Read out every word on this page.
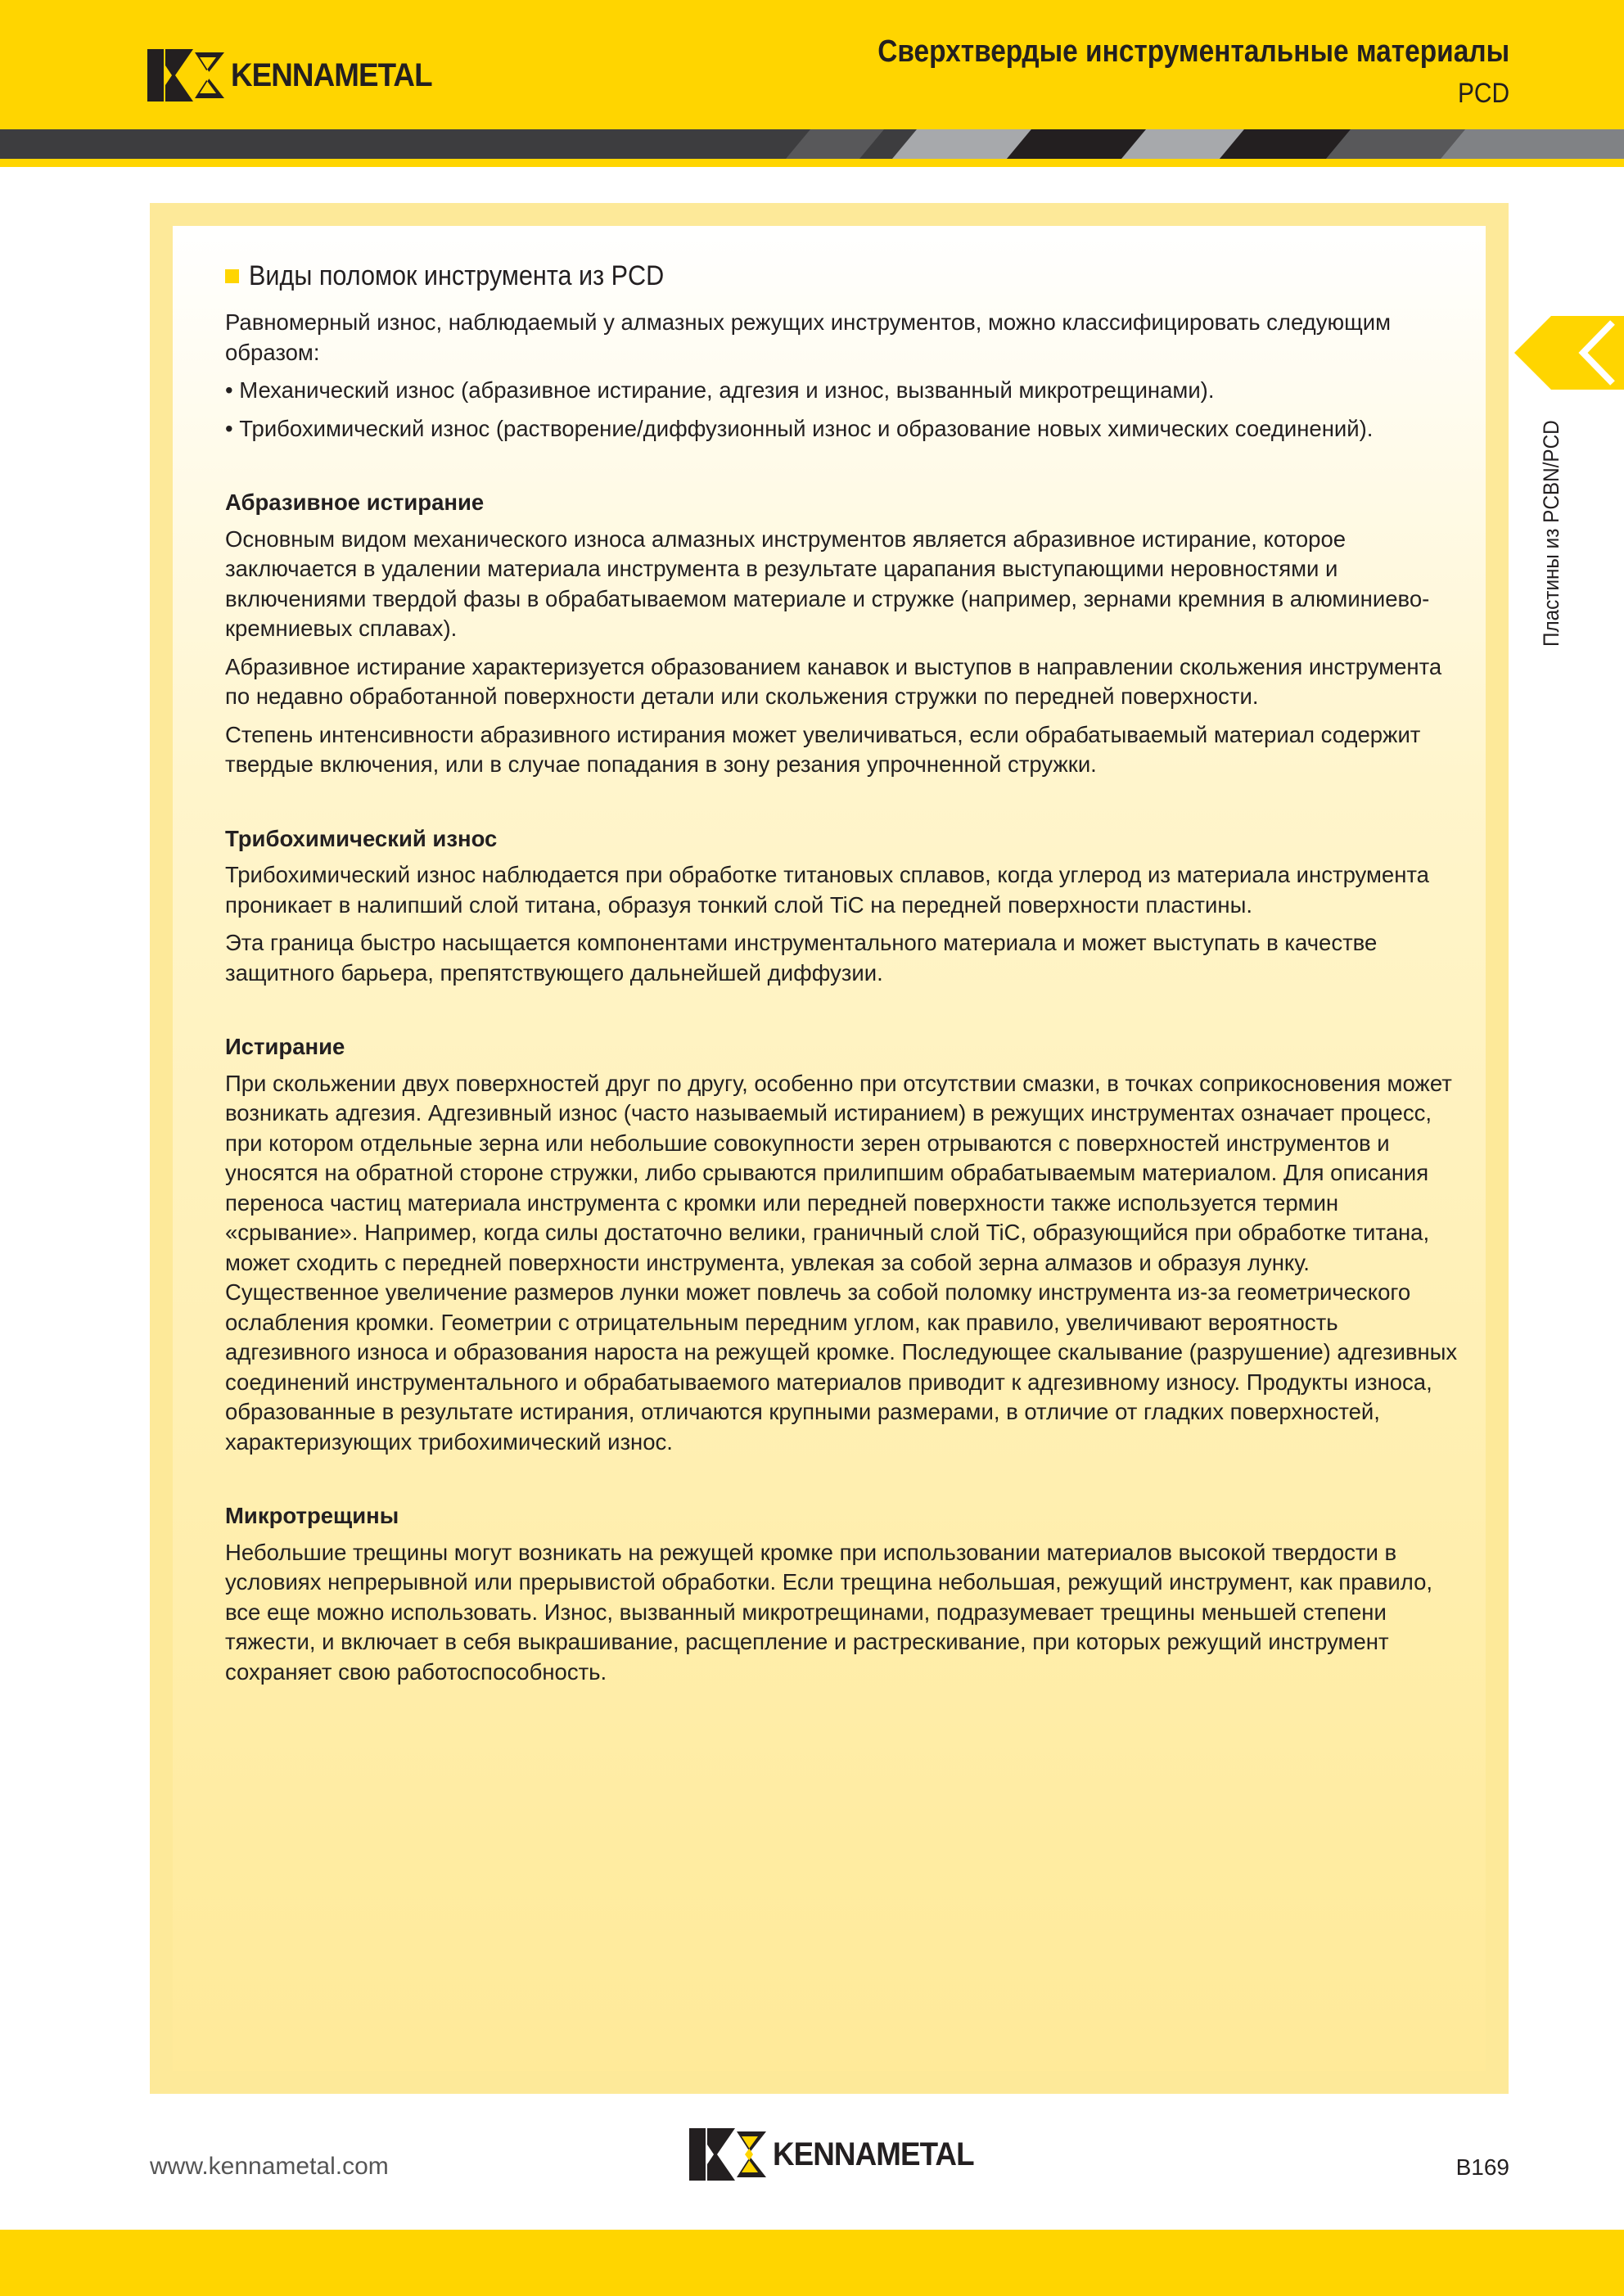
KENNAMETAL
Сверхтвердые инструментальные материалы
PCD
Пластины из PCBN/PCD
Виды поломок инструмента из PCD

Равномерный износ, наблюдаемый у алмазных режущих инструментов, можно классифицировать следующим образом:

• Механический износ (абразивное истирание, адгезия и износ, вызванный микротрещинами).

• Трибохимический износ (растворение/диффузионный износ и образование новых химических соединений).

Абразивное истирание

Основным видом механического износа алмазных инструментов является абразивное истирание, которое заключается в удалении материала инструмента в результате царапания выступающими неровностями и включениями твердой фазы в обрабатываемом материале и стружке (например, зернами кремния в алюминиево-кремниевых сплавах).

Абразивное истирание характеризуется образованием канавок и выступов в направлении скольжения инструмента по недавно обработанной поверхности детали или скольжения стружки по передней поверхности.

Степень интенсивности абразивного истирания может увеличиваться, если обрабатываемый материал содержит твердые включения, или в случае попадания в зону резания упрочненной стружки.

Трибохимический износ

Трибохимический износ наблюдается при обработке титановых сплавов, когда углерод из материала инструмента проникает в налипший слой титана, образуя тонкий слой TiC на передней поверхности пластины.

Эта граница быстро насыщается компонентами инструментального материала и может выступать в качестве защитного барьера, препятствующего дальнейшей диффузии.

Истирание

При скольжении двух поверхностей друг по другу, особенно при отсутствии смазки, в точках соприкосновения может возникать адгезия. Адгезивный износ (часто называемый истиранием) в режущих инструментах означает процесс, при котором отдельные зерна или небольшие совокупности зерен отрываются с поверхностей инструментов и уносятся на обратной стороне стружки, либо срываются прилипшим обрабатываемым материалом. Для описания переноса частиц материала инструмента с кромки или передней поверхности также используется термин «срывание». Например, когда силы достаточно велики, граничный слой TiC, образующийся при обработке титана, может сходить с передней поверхности инструмента, увлекая за собой зерна алмазов и образуя лунку. Существенное увеличение размеров лунки может повлечь за собой поломку инструмента из-за геометрического ослабления кромки. Геометрии с отрицательным передним углом, как правило, увеличивают вероятность адгезивного износа и образования нароста на режущей кромке. Последующее скалывание (разрушение) адгезивных соединений инструментального и обрабатываемого материалов приводит к адгезивному износу. Продукты износа, образованные в результате истирания, отличаются крупными размерами, в отличие от гладких поверхностей, характеризующих трибохимический износ.

Микротрещины

Небольшие трещины могут возникать на режущей кромке при использовании материалов высокой твердости в условиях непрерывной или прерывистой обработки. Если трещина небольшая, режущий инструмент, как правило, все еще можно использовать. Износ, вызванный микротрещинами, подразумевает трещины меньшей степени тяжести, и включает в себя выкрашивание, расщепление и растрескивание, при которых режущий инструмент сохраняет свою работоспособность.

www.kennametal.com	KENNAMETAL	B169
